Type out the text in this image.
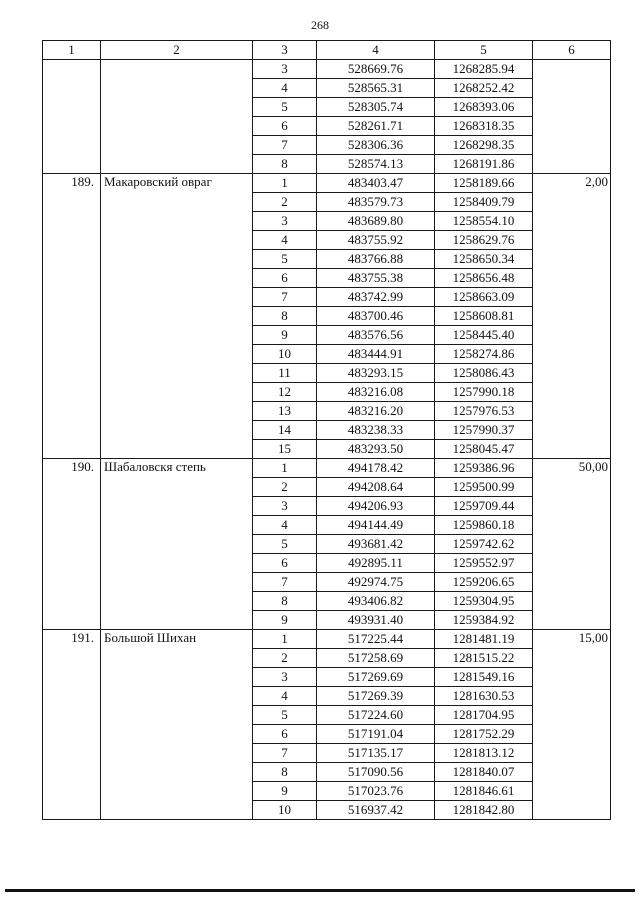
268
1	2	3	4	5	6
		3	528669.76	1268285.94	
		4	528565.31	1268252.42	
		5	528305.74	1268393.06	
		6	528261.71	1268318.35	
		7	528306.36	1268298.35	
		8	528574.13	1268191.86	
189.	Макаровский овраг	1	483403.47	1258189.66	2,00
		2	483579.73	1258409.79	
		3	483689.80	1258554.10	
		4	483755.92	1258629.76	
		5	483766.88	1258650.34	
		6	483755.38	1258656.48	
		7	483742.99	1258663.09	
		8	483700.46	1258608.81	
		9	483576.56	1258445.40	
		10	483444.91	1258274.86	
		11	483293.15	1258086.43	
		12	483216.08	1257990.18	
		13	483216.20	1257976.53	
		14	483238.33	1257990.37	
		15	483293.50	1258045.47	
190.	Шабаловскя степь	1	494178.42	1259386.96	50,00
		2	494208.64	1259500.99	
		3	494206.93	1259709.44	
		4	494144.49	1259860.18	
		5	493681.42	1259742.62	
		6	492895.11	1259552.97	
		7	492974.75	1259206.65	
		8	493406.82	1259304.95	
		9	493931.40	1259384.92	
191.	Большой Шихан	1	517225.44	1281481.19	15,00
		2	517258.69	1281515.22	
		3	517269.69	1281549.16	
		4	517269.39	1281630.53	
		5	517224.60	1281704.95	
		6	517191.04	1281752.29	
		7	517135.17	1281813.12	
		8	517090.56	1281840.07	
		9	517023.76	1281846.61	
		10	516937.42	1281842.80	
